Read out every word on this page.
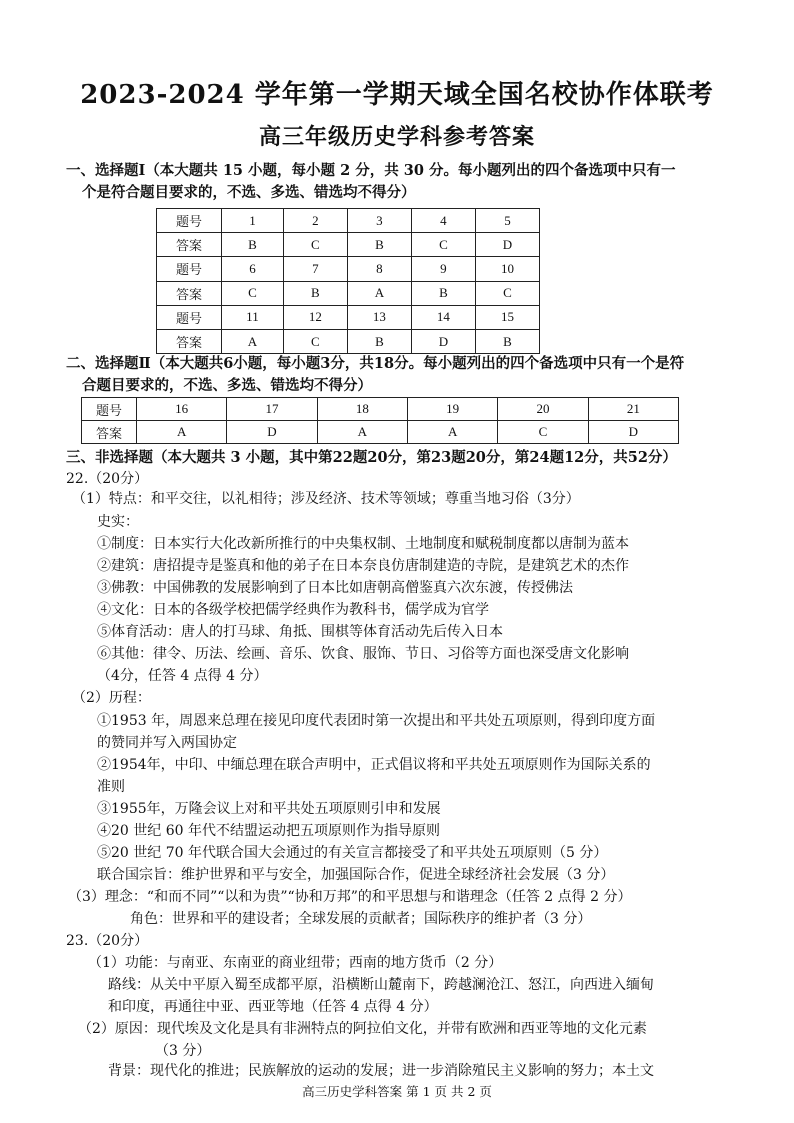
2023-2024 学年第一学期天域全国名校协作体联考
高三年级历史学科参考答案
一、选择题Ⅰ（本大题共 15 小题，每小题 2 分，共 30 分。每小题列出的四个备选项中只有一
个是符合题目要求的，不选、多选、错选均不得分）
题号	1	2	3	4	5
答案	B	C	B	C	D
题号	6	7	8	9	10
答案	C	B	A	B	C
题号	11	12	13	14	15
答案	A	C	B	D	B
二、选择题Ⅱ（本大题共6小题，每小题3分，共18分。每小题列出的四个备选项中只有一个是符
合题目要求的，不选、多选、错选均不得分）
题号	16	17	18	19	20	21
答案	A	D	A	A	C	D
三、非选择题（本大题共 3 小题，其中第22题20分，第23题20分，第24题12分，共52分）
22.（20分）
（1）特点：和平交往，以礼相待；涉及经济、技术等领域；尊重当地习俗（3分）
史实：
①制度：日本实行大化改新所推行的中央集权制、土地制度和赋税制度都以唐制为蓝本
②建筑：唐招提寺是鉴真和他的弟子在日本奈良仿唐制建造的寺院，是建筑艺术的杰作
③佛教：中国佛教的发展影响到了日本比如唐朝高僧鉴真六次东渡，传授佛法
④文化：日本的各级学校把儒学经典作为教科书，儒学成为官学
⑤体育活动：唐人的打马球、角抵、围棋等体育活动先后传入日本
⑥其他：律令、历法、绘画、音乐、饮食、服饰、节日、习俗等方面也深受唐文化影响
（4分，任答 4 点得 4 分）
（2）历程：
①1953 年，周恩来总理在接见印度代表团时第一次提出和平共处五项原则，得到印度方面
的赞同并写入两国协定
②1954年，中印、中缅总理在联合声明中，正式倡议将和平共处五项原则作为国际关系的
准则
③1955年，万隆会议上对和平共处五项原则引申和发展
④20 世纪 60 年代不结盟运动把五项原则作为指导原则
⑤20 世纪 70 年代联合国大会通过的有关宣言都接受了和平共处五项原则（5 分）
联合国宗旨：维护世界和平与安全，加强国际合作，促进全球经济社会发展（3 分）
（3）理念：“和而不同”“以和为贵”“协和万邦”的和平思想与和谐理念（任答 2 点得 2 分）
角色：世界和平的建设者；全球发展的贡献者；国际秩序的维护者（3 分）
23.（20分）
（1）功能：与南亚、东南亚的商业纽带；西南的地方货币（2 分）
路线：从关中平原入蜀至成都平原，沿横断山麓南下，跨越澜沧江、怒江，向西进入缅甸
和印度，再通往中亚、西亚等地（任答 4 点得 4 分）
（2）原因：现代埃及文化是具有非洲特点的阿拉伯文化，并带有欧洲和西亚等地的文化元素
（3 分）
背景：现代化的推进；民族解放的运动的发展；进一步消除殖民主义影响的努力；本土文
高三历史学科答案 第 1 页 共 2 页
